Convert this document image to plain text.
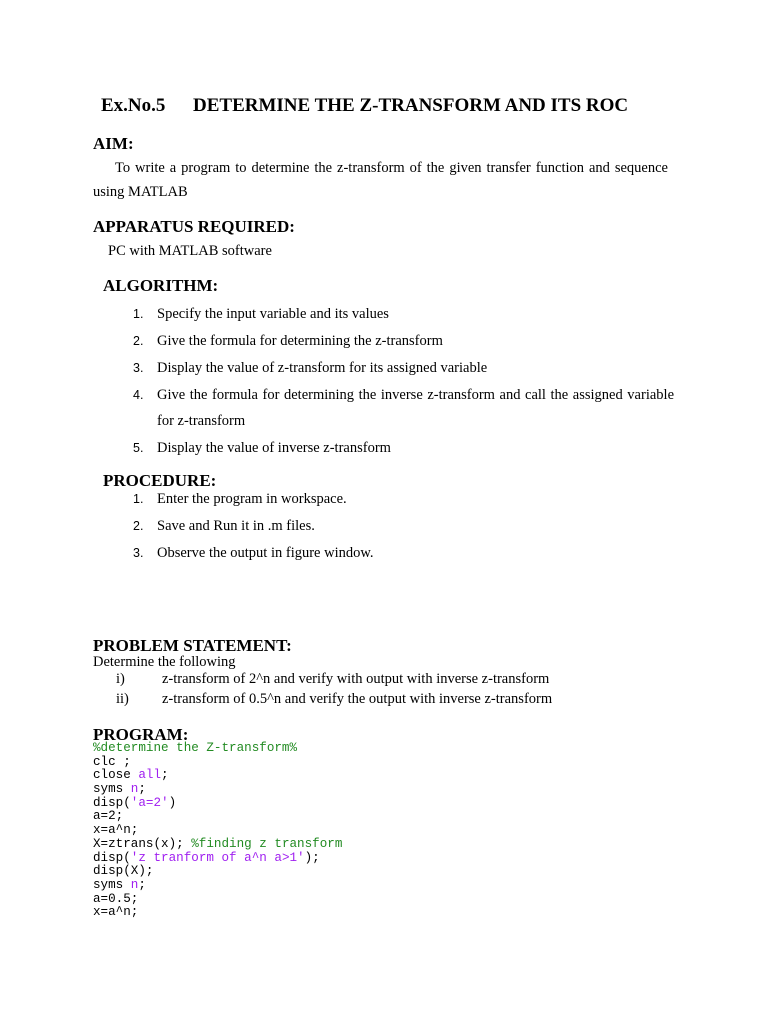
Ex.No.5 DETERMINE THE Z-TRANSFORM AND ITS ROC
AIM:
To write a program to determine the z-transform of the given transfer function and sequence using MATLAB
APPARATUS REQUIRED:
PC with MATLAB software
ALGORITHM:
1. Specify the input variable and its values
2. Give the formula for determining the z-transform
3. Display the value of z-transform for its assigned variable
4. Give the formula for determining the inverse z-transform and call the assigned variable for z-transform
5. Display the value of inverse z-transform
PROCEDURE:
1. Enter the program in workspace.
2. Save and Run it in .m files.
3. Observe the output in figure window.
PROBLEM STATEMENT:
Determine the following
i)	z-transform of 2^n and verify with output with inverse z-transform
ii) z-transform of 0.5^n and verify the output with inverse z-transform
PROGRAM:
%determine the Z-transform%
clc ;
close all;
syms n;
disp('a=2')
a=2;
x=a^n;
X=ztrans(x); %finding z transform
disp('z tranform of a^n a>1');
disp(X);
syms n;
a=0.5;
x=a^n;
